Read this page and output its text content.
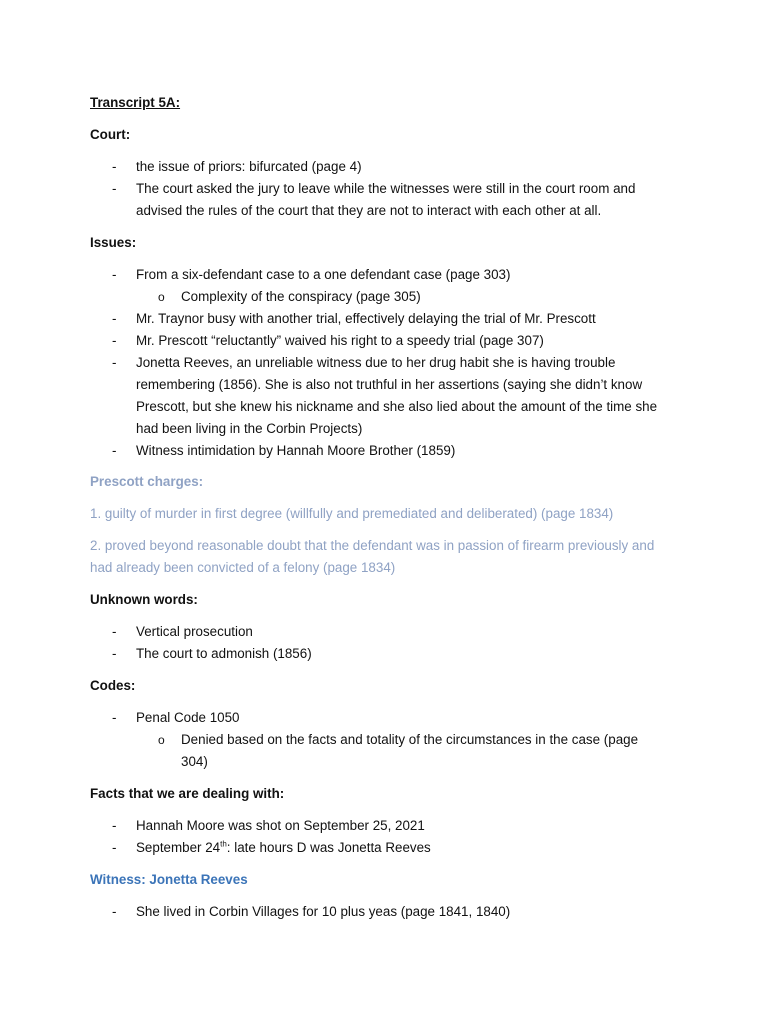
Transcript 5A:

Court:

- the issue of priors: bifurcated (page 4)
- The court asked the jury to leave while the witnesses were still in the court room and
advised the rules of the court that they are not to interact with each other at all.

Issues:

- From a six-defendant case to a one defendant case (page 303)
o Complexity of the conspiracy (page 305)
- Mr. Traynor busy with another trial, effectively delaying the trial of Mr. Prescott
- Mr. Prescott “reluctantly” waived his right to a speedy trial (page 307)
- Jonetta Reeves, an unreliable witness due to her drug habit she is having trouble
remembering (1856). She is also not truthful in her assertions (saying she didn’t know
Prescott, but she knew his nickname and she also lied about the amount of the time she
had been living in the Corbin Projects)
- Witness intimidation by Hannah Moore Brother (1859)

Prescott charges:

1. guilty of murder in first degree (willfully and premediated and deliberated) (page 1834)

2. proved beyond reasonable doubt that the defendant was in passion of firearm previously and

had already been convicted of a felony (page 1834)

Unknown words:

- Vertical prosecution
- The court to admonish (1856)

Codes:

- Penal Code 1050
o Denied based on the facts and totality of the circumstances in the case (page
304)

Facts that we are dealing with:

- Hannah Moore was shot on September 25, 2021
- September 24th: late hours D was Jonetta Reeves

Witness: Jonetta Reeves

- She lived in Corbin Villages for 10 plus yeas (page 1841, 1840)
